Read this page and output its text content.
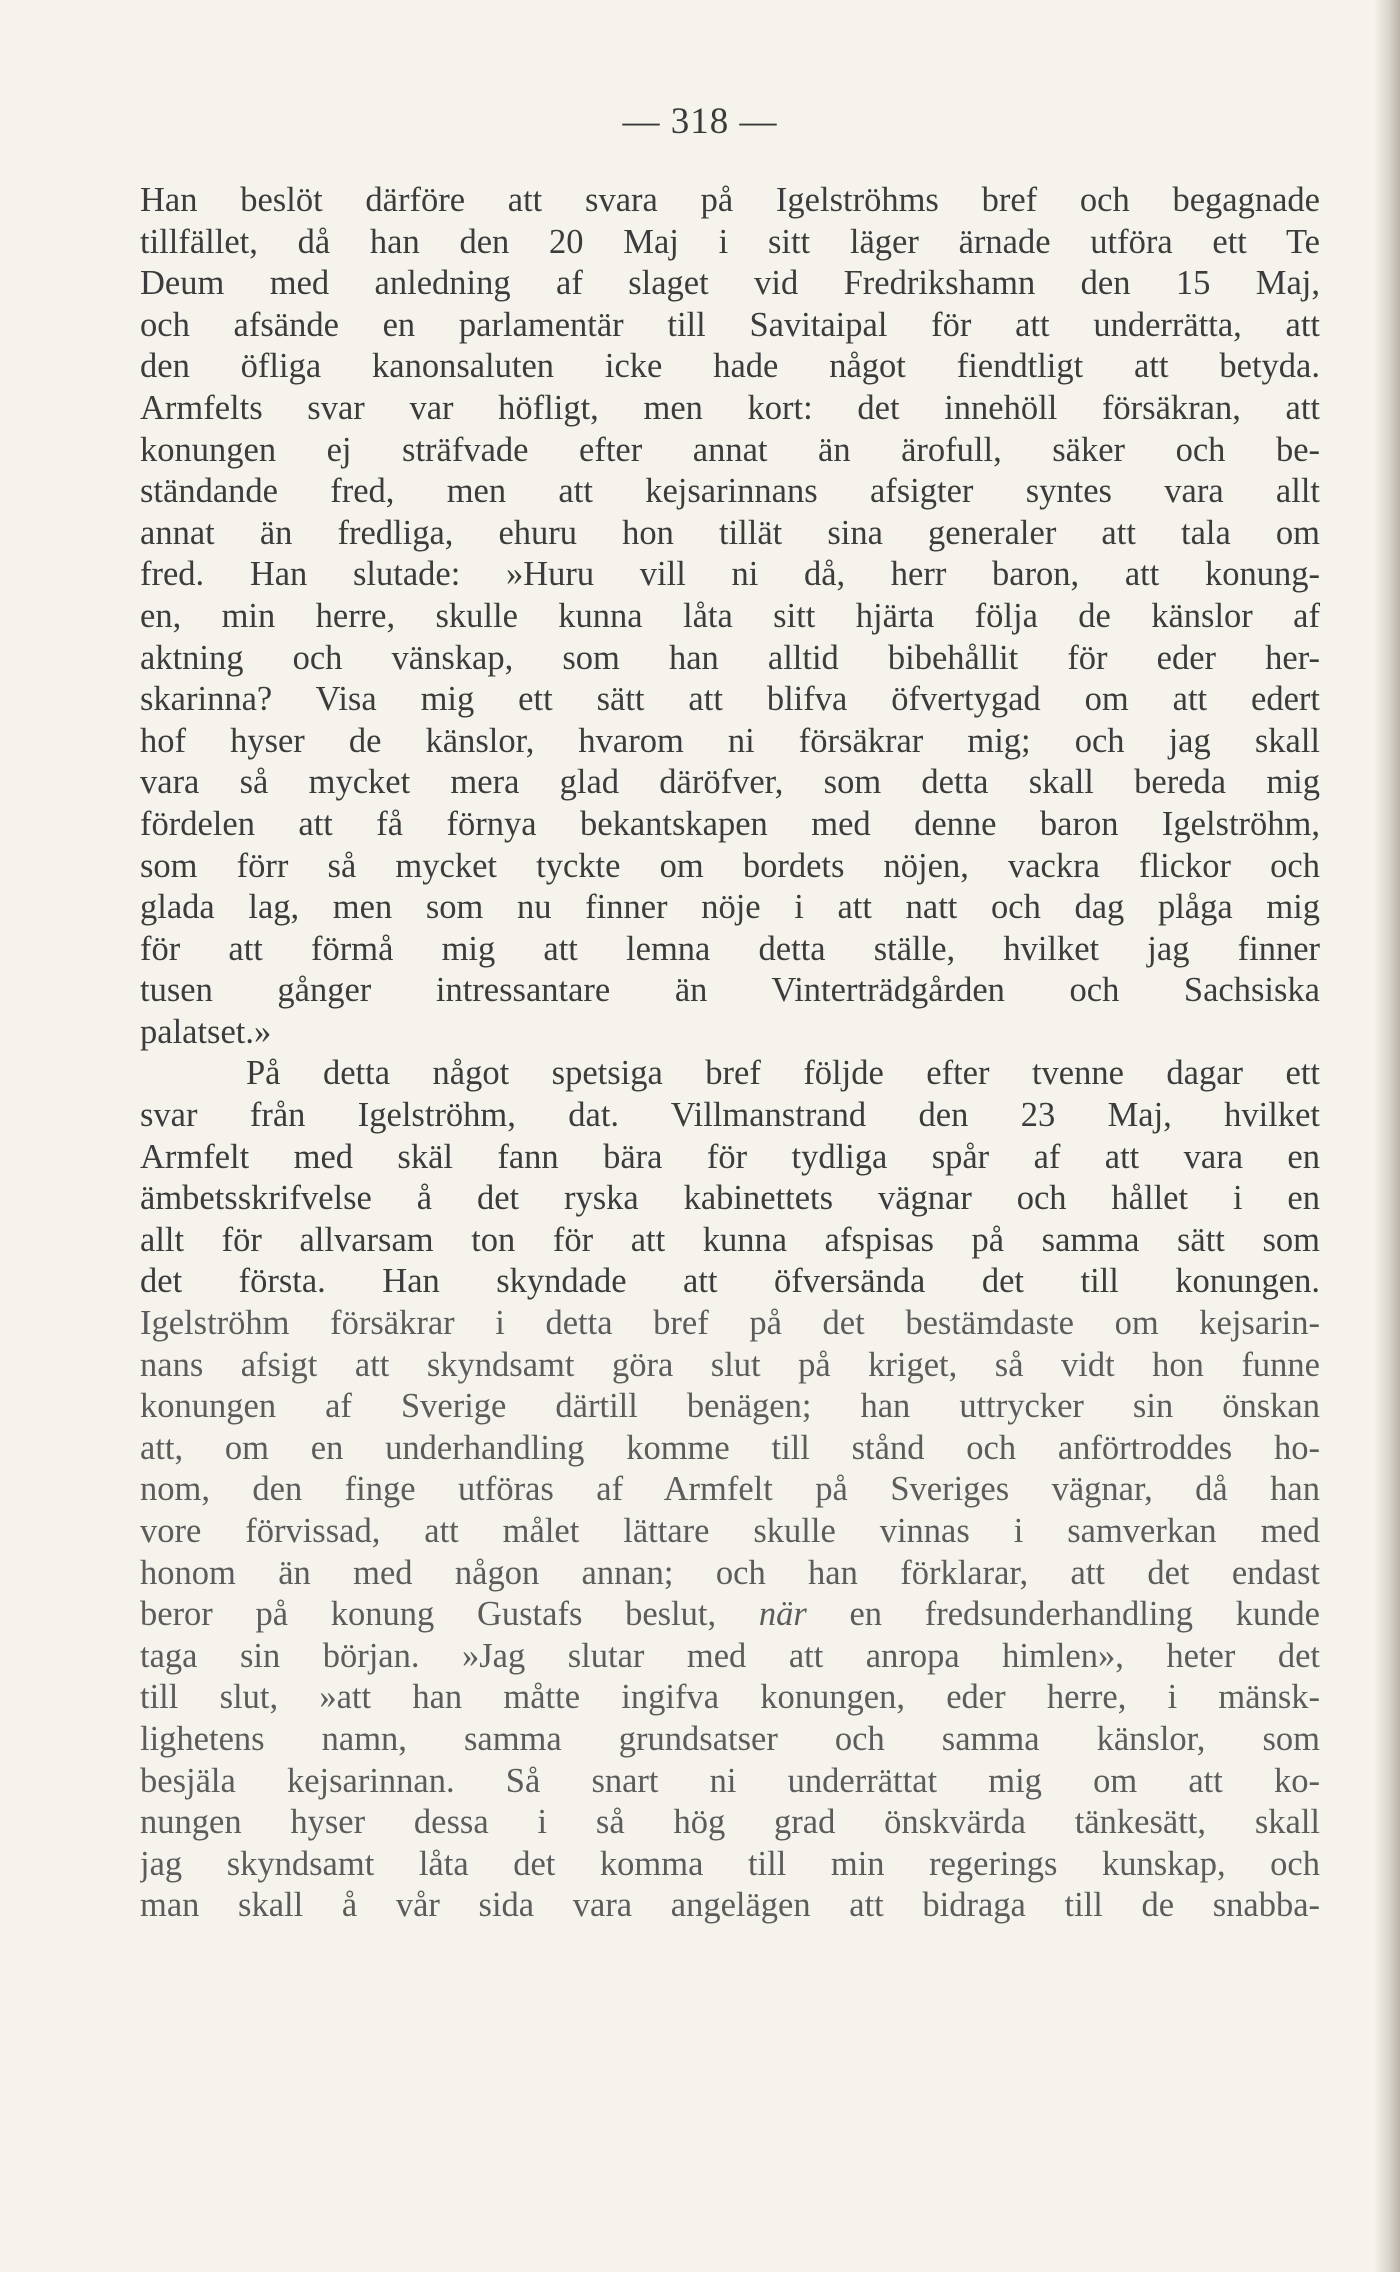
— 318 —
Han beslöt därföre att svara på Igelströhms bref och begagnade
tillfället, då han den 20 Maj i sitt läger ärnade utföra ett Te
Deum med anledning af slaget vid Fredrikshamn den 15 Maj,
och afsände en parlamentär till Savitaipal för att underrätta, att
den öfliga kanonsaluten icke hade något fiendtligt att betyda.
Armfelts svar var höfligt, men kort: det innehöll försäkran, att
konungen ej sträfvade efter annat än ärofull, säker och be-
ständande fred, men att kejsarinnans afsigter syntes vara allt
annat än fredliga, ehuru hon tillät sina generaler att tala om
fred. Han slutade: »Huru vill ni då, herr baron, att konung-
en, min herre, skulle kunna låta sitt hjärta följa de känslor af
aktning och vänskap, som han alltid bibehållit för eder her-
skarinna? Visa mig ett sätt att blifva öfvertygad om att edert
hof hyser de känslor, hvarom ni försäkrar mig; och jag skall
vara så mycket mera glad däröfver, som detta skall bereda mig
fördelen att få förnya bekantskapen med denne baron Igelströhm,
som förr så mycket tyckte om bordets nöjen, vackra flickor och
glada lag, men som nu finner nöje i att natt och dag plåga mig
för att förmå mig att lemna detta ställe, hvilket jag finner
tusen gånger intressantare än Vinterträdgården och Sachsiska
palatset.»
På detta något spetsiga bref följde efter tvenne dagar ett
svar från Igelströhm, dat. Villmanstrand den 23 Maj, hvilket
Armfelt med skäl fann bära för tydliga spår af att vara en
ämbetsskrifvelse å det ryska kabinettets vägnar och hållet i en
allt för allvarsam ton för att kunna afspisas på samma sätt som
det första. Han skyndade att öfversända det till konungen.
Igelströhm försäkrar i detta bref på det bestämdaste om kejsarin-
nans afsigt att skyndsamt göra slut på kriget, så vidt hon funne
konungen af Sverige därtill benägen; han uttrycker sin önskan
att, om en underhandling komme till stånd och anförtroddes ho-
nom, den finge utföras af Armfelt på Sveriges vägnar, då han
vore förvissad, att målet lättare skulle vinnas i samverkan med
honom än med någon annan; och han förklarar, att det endast
beror på konung Gustafs beslut, när en fredsunderhandling kunde
taga sin början. »Jag slutar med att anropa himlen», heter det
till slut, »att han måtte ingifva konungen, eder herre, i mänsk-
lighetens namn, samma grundsatser och samma känslor, som
besjäla kejsarinnan. Så snart ni underrättat mig om att ko-
nungen hyser dessa i så hög grad önskvärda tänkesätt, skall
jag skyndsamt låta det komma till min regerings kunskap, och
man skall å vår sida vara angelägen att bidraga till de snabba-
